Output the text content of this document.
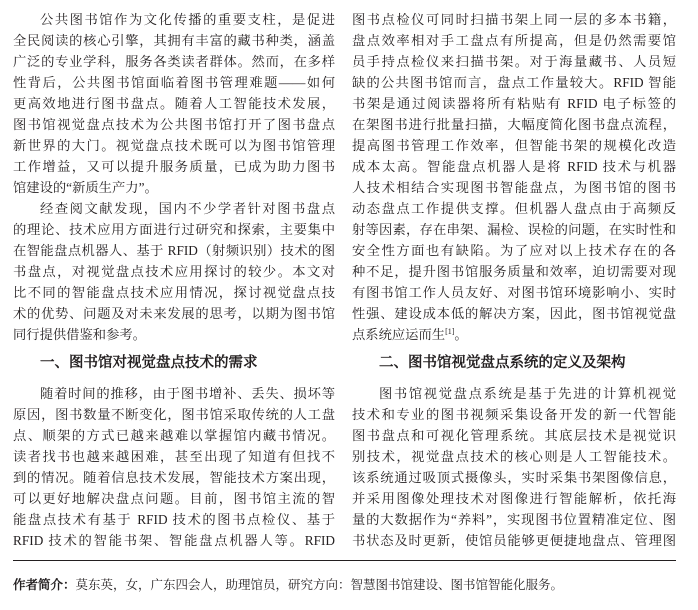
公共图书馆作为文化传播的重要支柱，是促进
全民阅读的核心引擎，其拥有丰富的藏书种类，涵盖
广泛的专业学科，服务各类读者群体。然而，在多样
性背后，公共图书馆面临着图书管理难题——如何
更高效地进行图书盘点。随着人工智能技术发展，
图书馆视觉盘点技术为公共图书馆打开了图书盘点
新世界的大门。视觉盘点技术既可以为图书馆管理
工作增益，又可以提升服务质量，已成为助力图书
馆建设的“新质生产力”。
经查阅文献发现，国内不少学者针对图书盘点
的理论、技术应用方面进行过研究和探索，主要集中
在智能盘点机器人、基于 RFID（射频识别）技术的图
书盘点，对视觉盘点技术应用探讨的较少。本文对
比不同的智能盘点技术应用情况，探讨视觉盘点技
术的优势、问题及对未来发展的思考，以期为图书馆
同行提供借鉴和参考。
一、图书馆对视觉盘点技术的需求
随着时间的推移，由于图书增补、丢失、损坏等
原因，图书数量不断变化，图书馆采取传统的人工盘
点、顺架的方式已越来越难以掌握馆内藏书情况。
读者找书也越来越困难，甚至出现了知道有但找不
到的情况。随着信息技术发展，智能技术方案出现，
可以更好地解决盘点问题。目前，图书馆主流的智
能盘点技术有基于 RFID 技术的图书点检仪、基于
RFID 技术的智能书架、智能盘点机器人等。RFID
图书点检仪可同时扫描书架上同一层的多本书籍，
盘点效率相对手工盘点有所提高，但是仍然需要馆
员手持点检仪来扫描书架。对于海量藏书、人员短
缺的公共图书馆而言，盘点工作量较大。RFID 智能
书架是通过阅读器将所有粘贴有 RFID 电子标签的
在架图书进行批量扫描，大幅度简化图书盘点流程，
提高图书管理工作效率，但智能书架的规模化改造
成本太高。智能盘点机器人是将 RFID 技术与机器
人技术相结合实现图书智能盘点，为图书馆的图书
动态盘点工作提供支撑。但机器人盘点由于高频反
射等因素，存在串架、漏检、误检的问题，在实时性和
安全性方面也有缺陷。为了应对以上技术存在的各
种不足，提升图书馆服务质量和效率，迫切需要对现
有图书馆工作人员友好、对图书馆环境影响小、实时
性强、建设成本低的解决方案，因此，图书馆视觉盘
点系统应运而生[1]。
二、图书馆视觉盘点系统的定义及架构
图书馆视觉盘点系统是基于先进的计算机视觉
技术和专业的图书视频采集设备开发的新一代智能
图书盘点和可视化管理系统。其底层技术是视觉识
别技术，视觉盘点技术的核心则是人工智能技术。
该系统通过吸顶式摄像头，实时采集书架图像信息，
并采用图像处理技术对图像进行智能解析，依托海
量的大数据作为“养料”，实现图书位置精准定位、图
书状态及时更新，使馆员能够更便捷地盘点、管理图
作者简介：莫东英，女，广东四会人，助理馆员，研究方向：智慧图书馆建设、图书馆智能化服务。
